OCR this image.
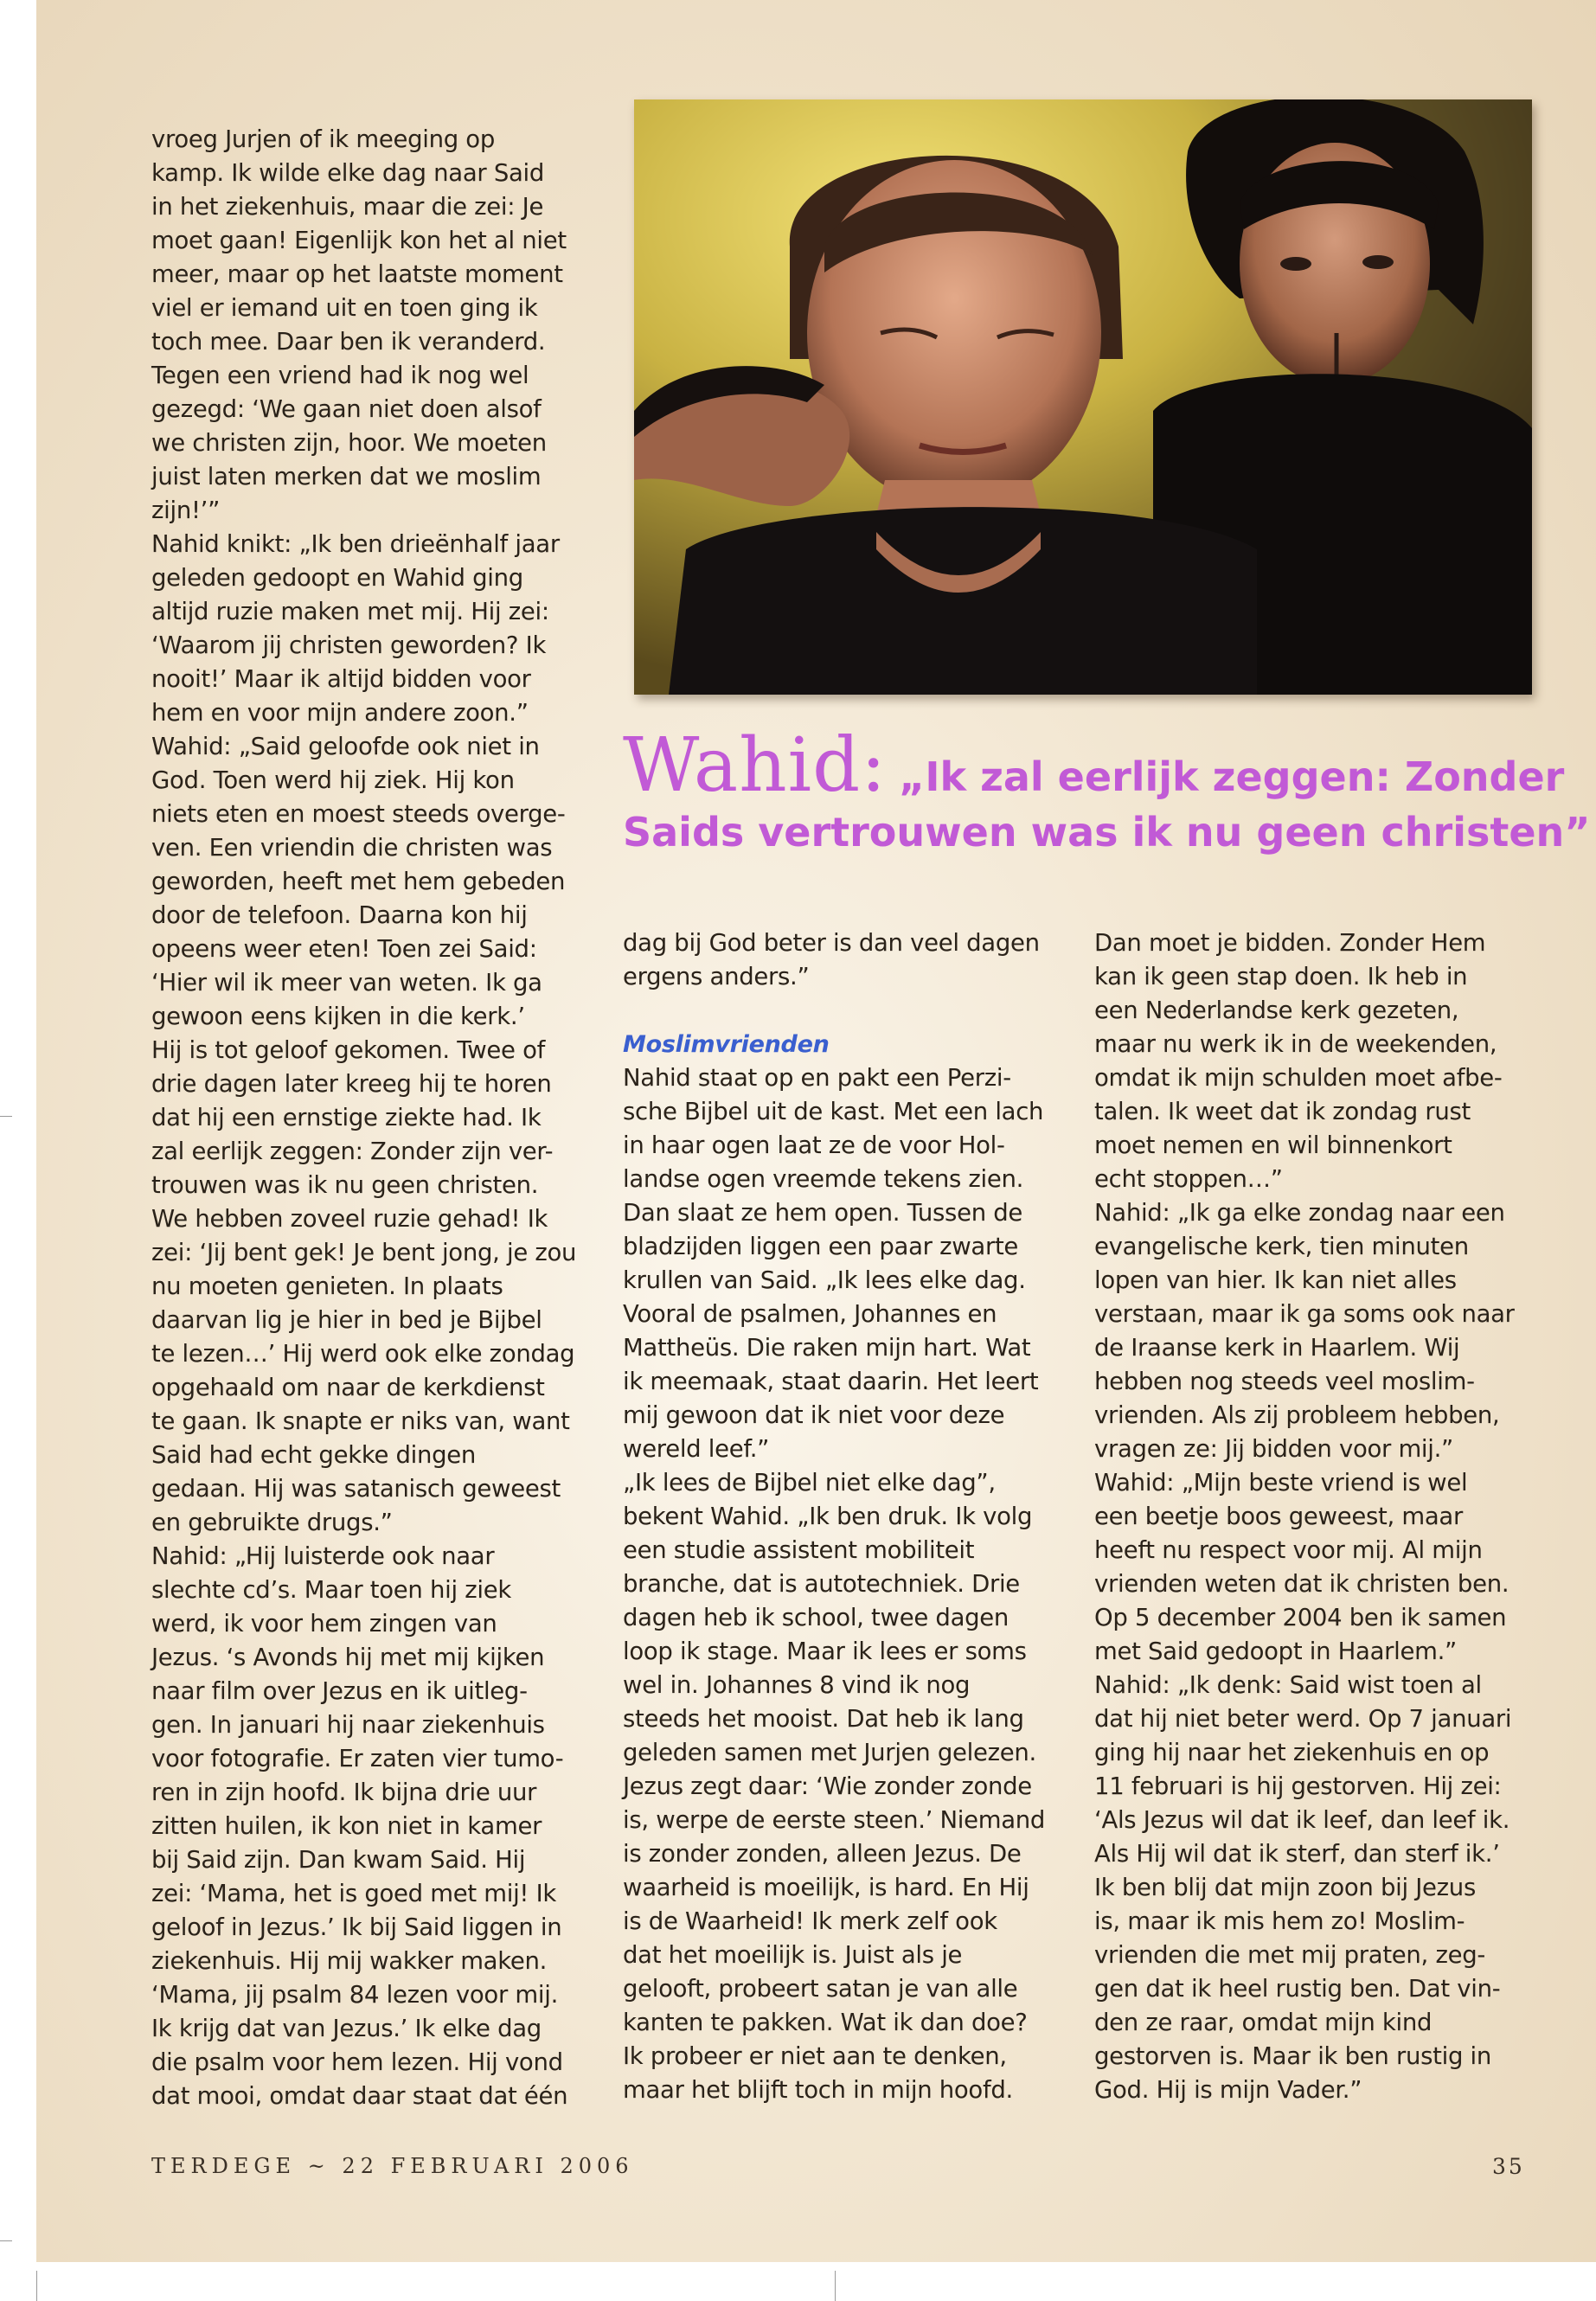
Wahid: „Ik zal eerlijk zeggen: Zonder
Saids vertrouwen was ik nu geen christen”

vroeg Jurjen of ik meeging op

kamp. Ik wilde elke dag naar Said

in het ziekenhuis, maar die zei: Je

moet gaan! Eigenlijk kon het al niet

meer, maar op het laatste moment

viel er iemand uit en toen ging ik

toch mee. Daar ben ik veranderd.

Tegen een vriend had ik nog wel

gezegd: ‘We gaan niet doen alsof

we christen zijn, hoor. We moeten

juist laten merken dat we moslim

zijn!’”

Nahid knikt: „Ik ben drieënhalf jaar

geleden gedoopt en Wahid ging

altijd ruzie maken met mij. Hij zei:

‘Waarom jij christen geworden? Ik

nooit!’ Maar ik altijd bidden voor

hem en voor mijn andere zoon.”

Wahid: „Said geloofde ook niet in

God. Toen werd hij ziek. Hij kon

niets eten en moest steeds overge-

ven. Een vriendin die christen was

geworden, heeft met hem gebeden

door de telefoon. Daarna kon hij

opeens weer eten! Toen zei Said:

‘Hier wil ik meer van weten. Ik ga

gewoon eens kijken in die kerk.’

Hij is tot geloof gekomen. Twee of

drie dagen later kreeg hij te horen

dat hij een ernstige ziekte had. Ik

zal eerlijk zeggen: Zonder zijn ver-

trouwen was ik nu geen christen.

We hebben zoveel ruzie gehad! Ik

zei: ‘Jij bent gek! Je bent jong, je zou

nu moeten genieten. In plaats

daarvan lig je hier in bed je Bijbel

te lezen…’ Hij werd ook elke zondag

opgehaald om naar de kerkdienst

te gaan. Ik snapte er niks van, want

Said had echt gekke dingen

gedaan. Hij was satanisch geweest

en gebruikte drugs.”

Nahid: „Hij luisterde ook naar

slechte cd’s. Maar toen hij ziek

werd, ik voor hem zingen van

Jezus. ‘s Avonds hij met mij kijken

naar film over Jezus en ik uitleg-

gen. In januari hij naar ziekenhuis

voor fotografie. Er zaten vier tumo-

ren in zijn hoofd. Ik bijna drie uur

zitten huilen, ik kon niet in kamer

bij Said zijn. Dan kwam Said. Hij

zei: ‘Mama, het is goed met mij! Ik

geloof in Jezus.’ Ik bij Said liggen in

ziekenhuis. Hij mij wakker maken.

‘Mama, jij psalm 84 lezen voor mij.

Ik krijg dat van Jezus.’ Ik elke dag

die psalm voor hem lezen. Hij vond

dat mooi, omdat daar staat dat één

dag bij God beter is dan veel dagen

ergens anders.”

Moslimvrienden

Nahid staat op en pakt een Perzi-

sche Bijbel uit de kast. Met een lach

in haar ogen laat ze de voor Hol-

landse ogen vreemde tekens zien.

Dan slaat ze hem open. Tussen de

bladzijden liggen een paar zwarte

krullen van Said. „Ik lees elke dag.

Vooral de psalmen, Johannes en

Mattheüs. Die raken mijn hart. Wat

ik meemaak, staat daarin. Het leert

mij gewoon dat ik niet voor deze

wereld leef.”

„Ik lees de Bijbel niet elke dag”,

bekent Wahid. „Ik ben druk. Ik volg

een studie assistent mobiliteit

branche, dat is autotechniek. Drie

dagen heb ik school, twee dagen

loop ik stage. Maar ik lees er soms

wel in. Johannes 8 vind ik nog

steeds het mooist. Dat heb ik lang

geleden samen met Jurjen gelezen.

Jezus zegt daar: ‘Wie zonder zonde

is, werpe de eerste steen.’ Niemand

is zonder zonden, alleen Jezus. De

waarheid is moeilijk, is hard. En Hij

is de Waarheid! Ik merk zelf ook

dat het moeilijk is. Juist als je

gelooft, probeert satan je van alle

kanten te pakken. Wat ik dan doe?

Ik probeer er niet aan te denken,

maar het blijft toch in mijn hoofd.

Dan moet je bidden. Zonder Hem

kan ik geen stap doen. Ik heb in

een Nederlandse kerk gezeten,

maar nu werk ik in de weekenden,

omdat ik mijn schulden moet afbe-

talen. Ik weet dat ik zondag rust

moet nemen en wil binnenkort

echt stoppen…”

Nahid: „Ik ga elke zondag naar een

evangelische kerk, tien minuten

lopen van hier. Ik kan niet alles

verstaan, maar ik ga soms ook naar

de Iraanse kerk in Haarlem. Wij

hebben nog steeds veel moslim-

vrienden. Als zij probleem hebben,

vragen ze: Jij bidden voor mij.”

Wahid: „Mijn beste vriend is wel

een beetje boos geweest, maar

heeft nu respect voor mij. Al mijn

vrienden weten dat ik christen ben.

Op 5 december 2004 ben ik samen

met Said gedoopt in Haarlem.”

Nahid: „Ik denk: Said wist toen al

dat hij niet beter werd. Op 7 januari

ging hij naar het ziekenhuis en op

11 februari is hij gestorven. Hij zei:

‘Als Jezus wil dat ik leef, dan leef ik.

Als Hij wil dat ik sterf, dan sterf ik.’

Ik ben blij dat mijn zoon bij Jezus

is, maar ik mis hem zo! Moslim-

vrienden die met mij praten, zeg-

gen dat ik heel rustig ben. Dat vin-

den ze raar, omdat mijn kind

gestorven is. Maar ik ben rustig in

God. Hij is mijn Vader.”

TERDEGE ~ 22 FEBRUARI 2006	35
